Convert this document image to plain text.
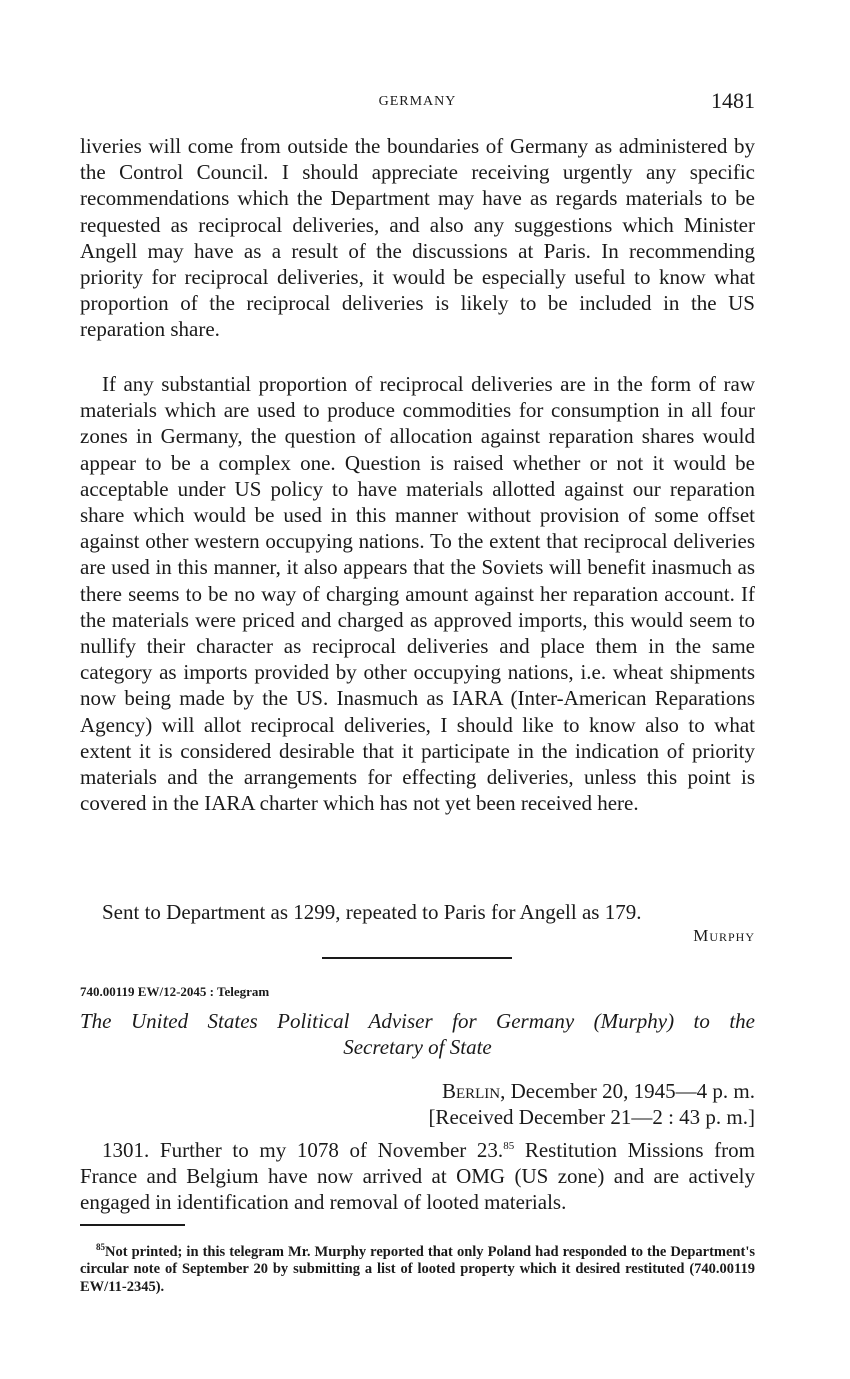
GERMANY	1481

liveries will come from outside the boundaries of Germany as administered by the Control Council. I should appreciate receiving urgently any specific recommendations which the Department may have as regards materials to be requested as reciprocal deliveries, and also any suggestions which Minister Angell may have as a result of the discussions at Paris. In recommending priority for reciprocal deliveries, it would be especially useful to know what proportion of the reciprocal deliveries is likely to be included in the US reparation share.

If any substantial proportion of reciprocal deliveries are in the form of raw materials which are used to produce commodities for consumption in all four zones in Germany, the question of allocation against reparation shares would appear to be a complex one. Question is raised whether or not it would be acceptable under US policy to have materials allotted against our reparation share which would be used in this manner without provision of some offset against other western occupying nations. To the extent that reciprocal deliveries are used in this manner, it also appears that the Soviets will benefit inasmuch as there seems to be no way of charging amount against her reparation account. If the materials were priced and charged as approved imports, this would seem to nullify their character as reciprocal deliveries and place them in the same category as imports provided by other occupying nations, i.e. wheat shipments now being made by the US. Inasmuch as IARA (Inter-American Reparations Agency) will allot reciprocal deliveries, I should like to know also to what extent it is considered desirable that it participate in the indication of priority materials and the arrangements for effecting deliveries, unless this point is covered in the IARA charter which has not yet been received here.

Sent to Department as 1299, repeated to Paris for Angell as 179.

Murphy
740.00119 EW/12-2045 : Telegram
The United States Political Adviser for Germany (Murphy) to the
Secretary of State
Berlin, December 20, 1945—4 p. m.
[Received December 21—2 : 43 p. m.]

1301. Further to my 1078 of November 23.85 Restitution Missions from France and Belgium have now arrived at OMG (US zone) and are actively engaged in identification and removal of looted materials.

$^{85}$Not printed; in this telegram Mr. Murphy reported that only Poland had responded to the Department's circular note of September 20 by submitting a list of looted property which it desired restituted (740.00119 EW/11-2345).
